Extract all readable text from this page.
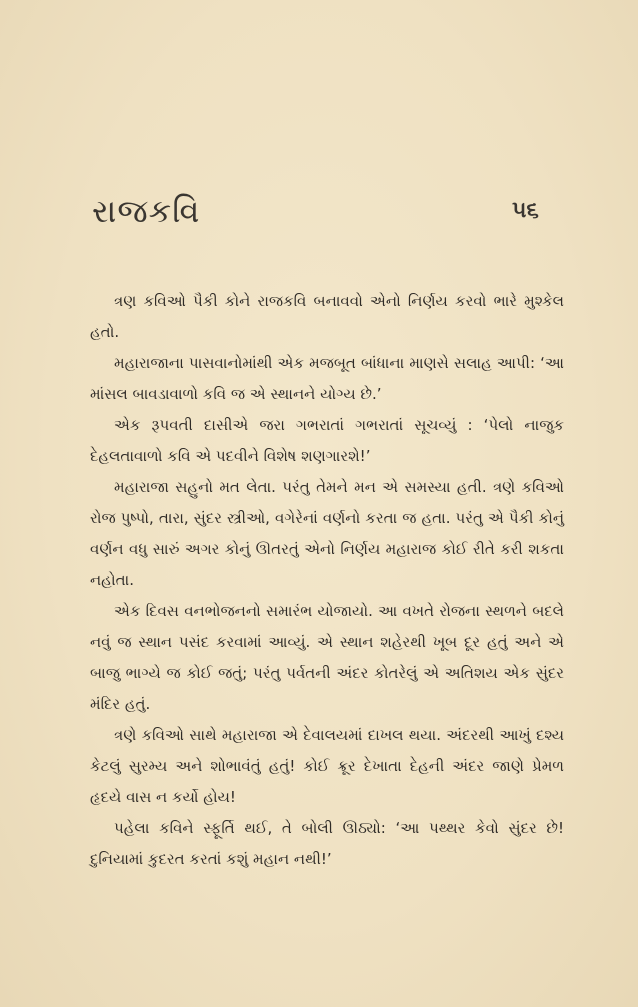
રાજકવિ	૫૬

ત્રણ કવિઓ પૈકી કોને રાજકવિ બનાવવો એનો નિર્ણય કરવો ભારે મુશ્કેલ હતો.

મહારાજાના પાસવાનોમાંથી એક મજબૂત બાંધાના માણસે સલાહ આપી: ‘આ માંસલ બાવડાવાળો કવિ જ એ સ્થાનને યોગ્ય છે.’

એક રૂપવતી દાસીએ જરા ગભરાતાં ગભરાતાં સૂચવ્યું : ‘પેલો નાજુક દેહલતાવાળો કવિ એ પદવીને વિશેષ શણગારશે!’

મહારાજા સહુનો મત લેતા. પરંતુ તેમને મન એ સમસ્યા હતી. ત્રણે કવિઓ રોજ પુષ્પો, તારા, સુંદર સ્ત્રીઓ, વગેરેનાં વર્ણનો કરતા જ હતા. પરંતુ એ પૈકી કોનું વર્ણન વધુ સારું અગર કોનું ઊતરતું એનો નિર્ણય મહારાજ કોઈ રીતે કરી શકતા નહોતા.

એક દિવસ વનભોજનનો સમારંભ યોજાયો. આ વખતે રોજના સ્થળને બદલે નવું જ સ્થાન પસંદ કરવામાં આવ્યું. એ સ્થાન શહેરથી ખૂબ દૂર હતું અને એ બાજુ ભાગ્યે જ કોઈ જતું; પરંતુ પર્વતની અંદર કોતરેલું એ અતિશય એક સુંદર મંદિર હતું.

ત્રણે કવિઓ સાથે મહારાજા એ દેવાલયમાં દાખલ થયા. અંદરથી આખું દશ્ય કેટલું સુરમ્ય અને શોભાવંતું હતું! કોઈ ક્રૂર દેખાતા દેહની અંદર જાણે પ્રેમળ હૃદયે વાસ ન કર્યો હોય!

પહેલા કવિને સ્ફૂર્તિ થઈ, તે બોલી ઊઠ્યો: ‘આ પથ્થર કેવો સુંદર છે! દુનિયામાં કુદરત કરતાં કશું મહાન નથી!’
